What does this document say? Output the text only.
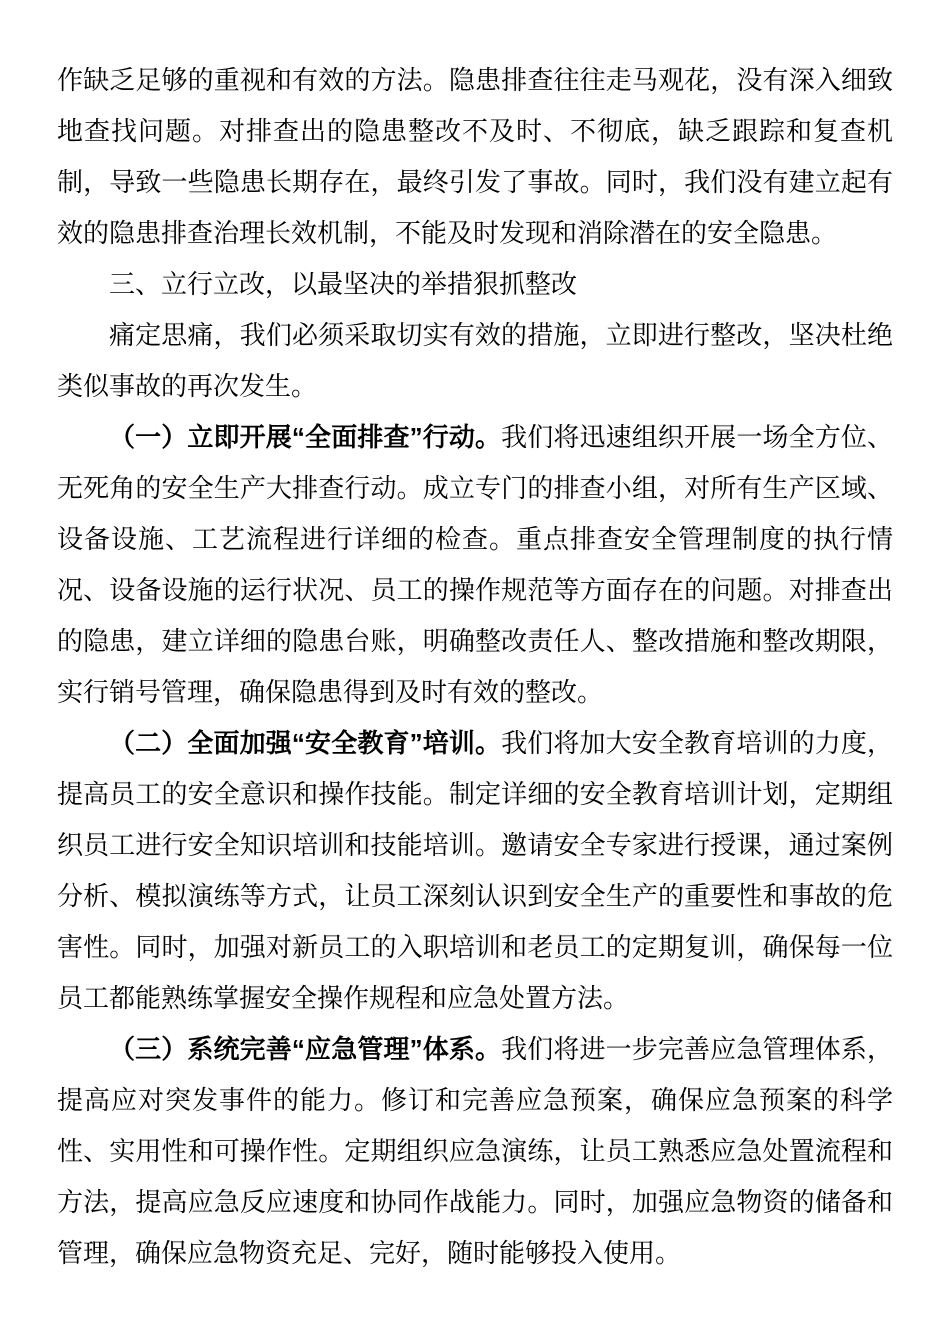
作缺乏足够的重视和有效的方法。隐患排查往往走马观花，没有深入细致地查找问题。对排查出的隐患整改不及时、不彻底，缺乏跟踪和复查机制，导致一些隐患长期存在，最终引发了事故。同时，我们没有建立起有效的隐患排查治理长效机制，不能及时发现和消除潜在的安全隐患。

三、立行立改，以最坚决的举措狠抓整改

痛定思痛，我们必须采取切实有效的措施，立即进行整改，坚决杜绝类似事故的再次发生。

（一）立即开展“全面排查”行动。我们将迅速组织开展一场全方位、无死角的安全生产大排查行动。成立专门的排查小组，对所有生产区域、设备设施、工艺流程进行详细的检查。重点排查安全管理制度的执行情况、设备设施的运行状况、员工的操作规范等方面存在的问题。对排查出的隐患，建立详细的隐患台账，明确整改责任人、整改措施和整改期限，实行销号管理，确保隐患得到及时有效的整改。

（二）全面加强“安全教育”培训。我们将加大安全教育培训的力度，提高员工的安全意识和操作技能。制定详细的安全教育培训计划，定期组织员工进行安全知识培训和技能培训。邀请安全专家进行授课，通过案例分析、模拟演练等方式，让员工深刻认识到安全生产的重要性和事故的危害性。同时，加强对新员工的入职培训和老员工的定期复训，确保每一位员工都能熟练掌握安全操作规程和应急处置方法。

（三）系统完善“应急管理”体系。我们将进一步完善应急管理体系，提高应对突发事件的能力。修订和完善应急预案，确保应急预案的科学性、实用性和可操作性。定期组织应急演练，让员工熟悉应急处置流程和方法，提高应急反应速度和协同作战能力。同时，加强应急物资的储备和管理，确保应急物资充足、完好，随时能够投入使用。
